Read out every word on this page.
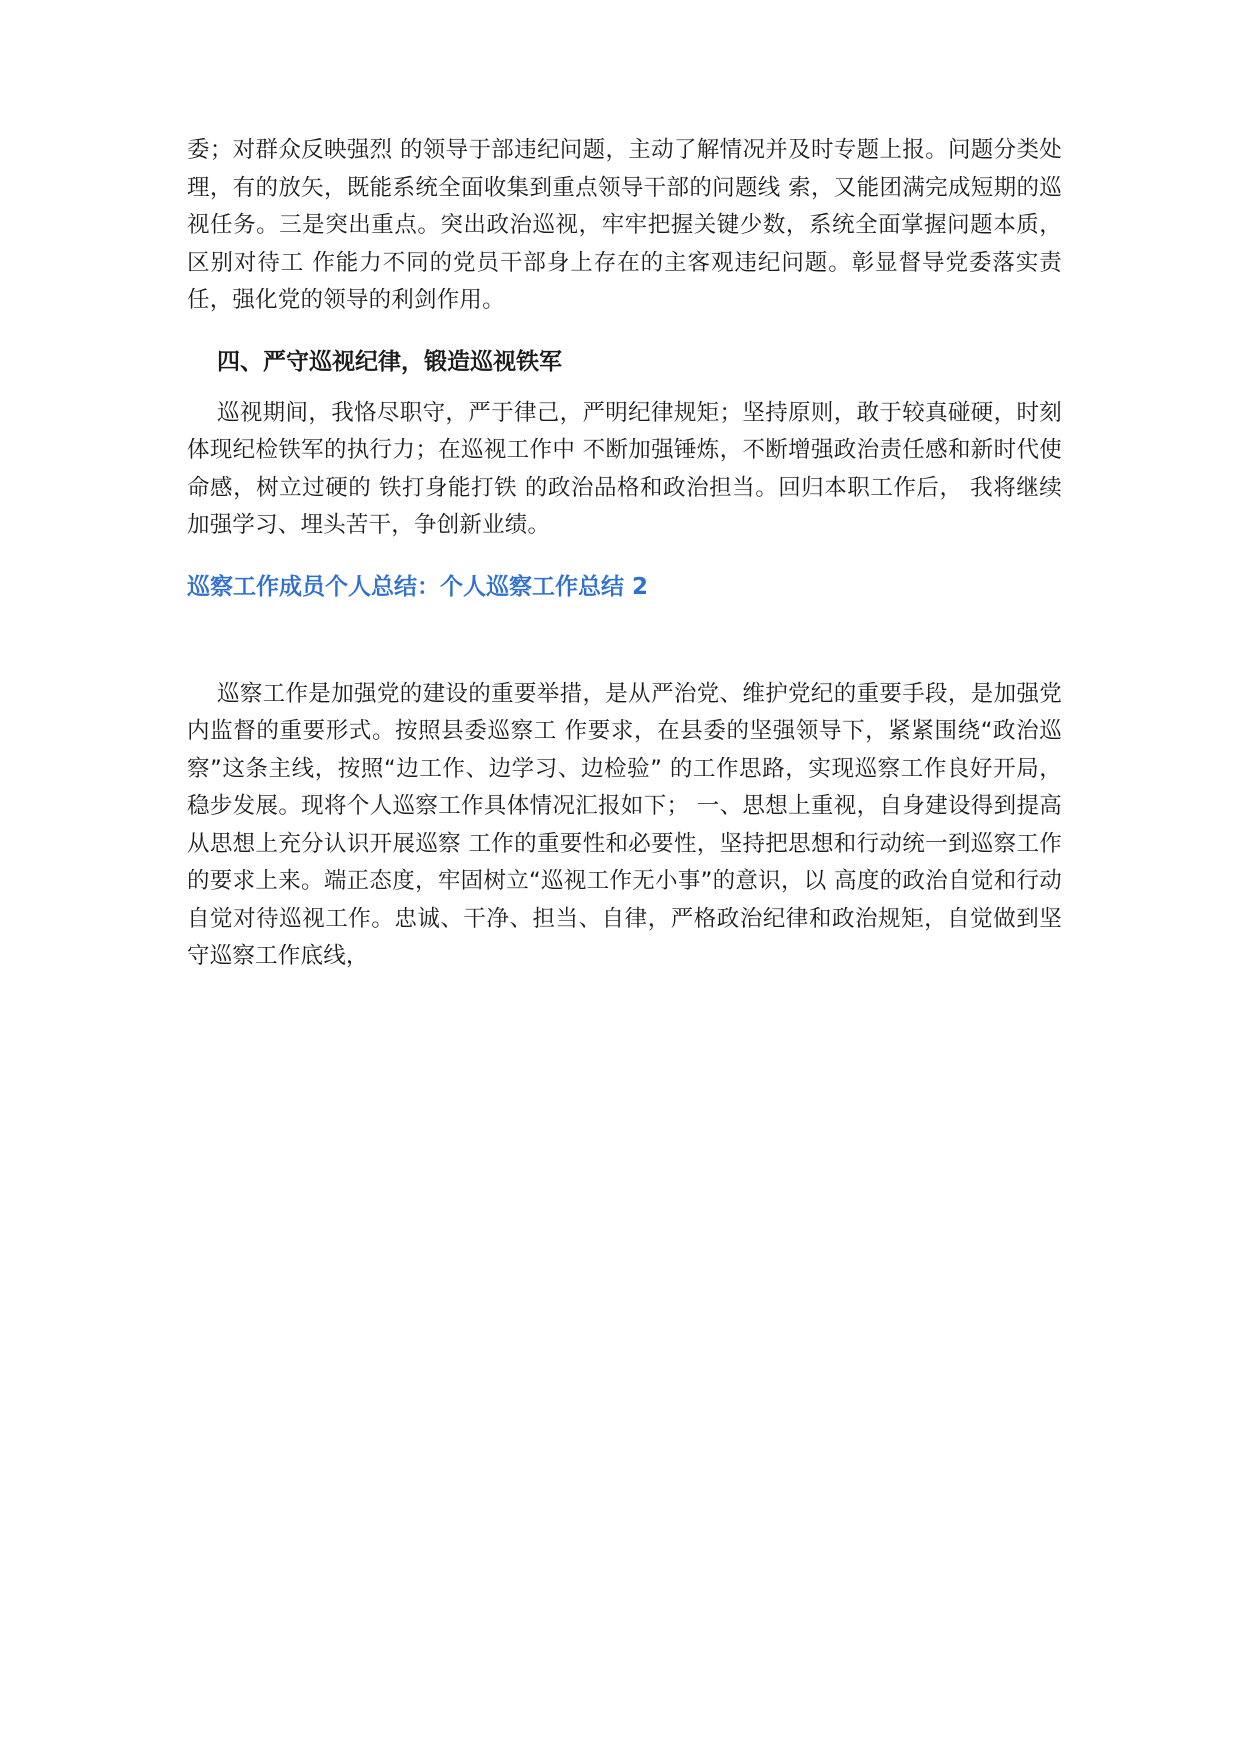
委；对群众反映强烈 的领导于部违纪问题，主动了解情况并及时专题上报。问题分类处理，有的放矢，既能系统全面收集到重点领导干部的问题线 索，又能团满完成短期的巡视任务。三是突出重点。突出政治巡视，牢牢把握关键少数，系统全面掌握问题本质，区别对待工 作能力不同的党员干部身上存在的主客观违纪问题。彰显督导党委落实责任，强化党的领导的利剑作用。

四、严守巡视纪律，锻造巡视铁军

巡视期间，我恪尽职守，严于律己，严明纪律规矩；坚持原则，敢于较真碰硬，时刻体现纪检铁军的执行力；在巡视工作中 不断加强锤炼，不断增强政治责任感和新时代使命感，树立过硬的 铁打身能打铁 的政治品格和政治担当。回归本职工作后， 我将继续加强学习、埋头苦干，争创新业绩。

巡察工作成员个人总结：个人巡察工作总结 2

巡察工作是加强党的建设的重要举措，是从严治党、维护党纪的重要手段，是加强党内监督的重要形式。按照县委巡察工 作要求，在县委的坚强领导下，紧紧围绕“政治巡察”这条主线，按照“边工作、边学习、边检验” 的工作思路，实现巡察工作良好开局，稳步发展。现将个人巡察工作具体情况汇报如下； 一、思想上重视，自身建设得到提高从思想上充分认识开展巡察 工作的重要性和必要性，坚持把思想和行动统一到巡察工作的要求上来。端正态度，牢固树立“巡视工作无小事”的意识，以 高度的政治自觉和行动自觉对待巡视工作。忠诚、干净、担当、自律，严格政治纪律和政治规矩，自觉做到坚守巡察工作底线，
